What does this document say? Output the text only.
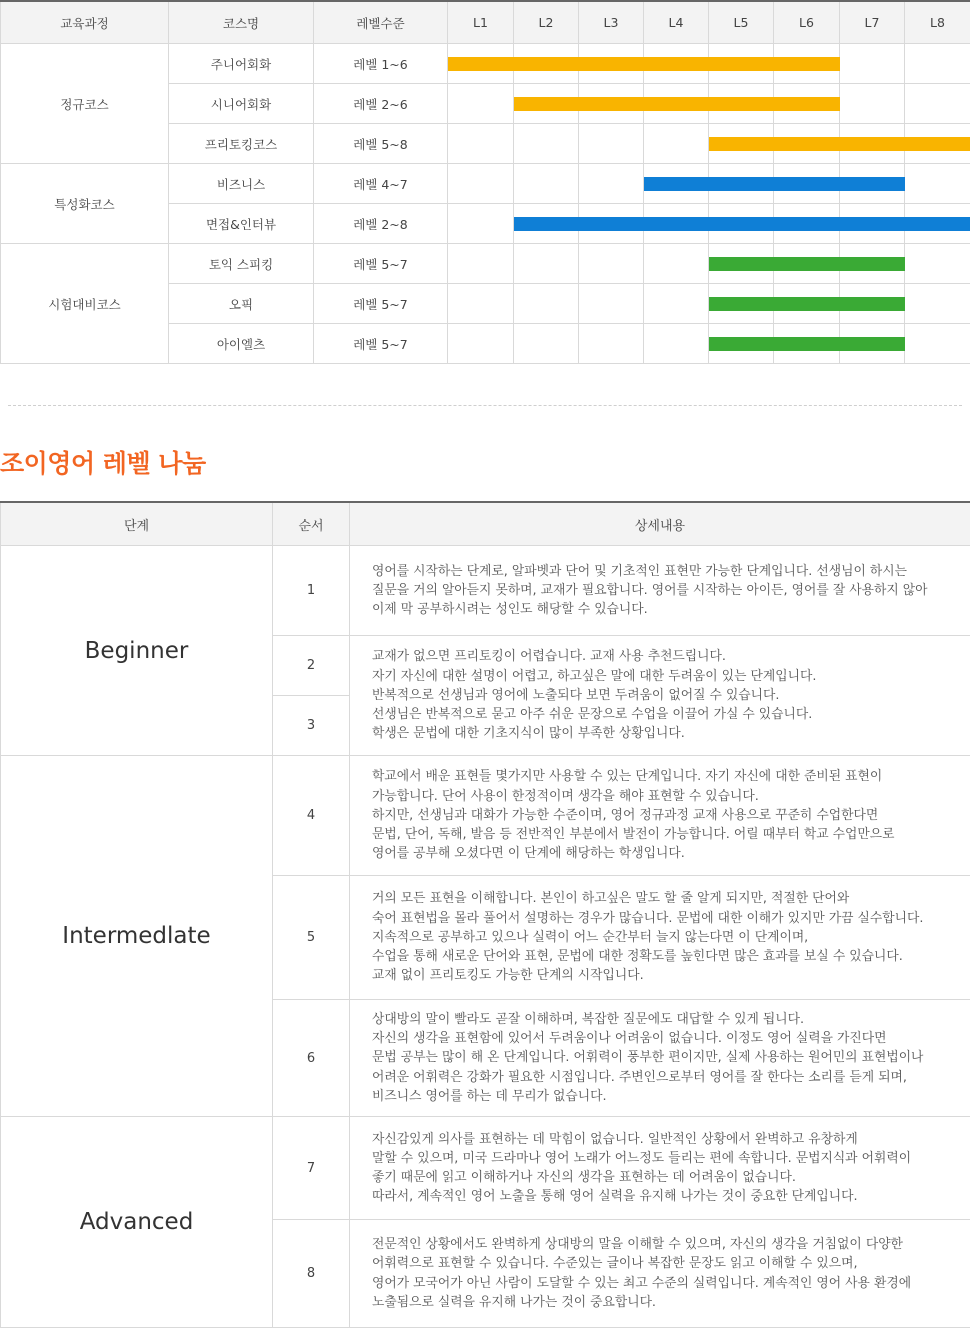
교육과정	코스명	레벨수준	L1	L2	L3	L4	L5	L6	L7	L8
정규코스	주니어회화	레벨 1~6								
	시니어회화	레벨 2~6								
	프리토킹코스	레벨 5~8								
특성화코스	비즈니스	레벨 4~7								
	면접&인터뷰	레벨 2~8								
시험대비코스	토익 스피킹	레벨 5~7								
	오픽	레벨 5~7								
	아이엘츠	레벨 5~7								
조이영어 레벨 나눔
단계	순서	상세내용
Beginner	1	영어를 시작하는 단계로, 알파벳과 단어 및 기초적인 표현만 가능한 단계입니다. 선생님이 하시는
질문을 거의 알아듣지 못하며, 교재가 필요합니다. 영어를 시작하는 아이든, 영어를 잘 사용하지 않아
이제 막 공부하시려는 성인도 해당할 수 있습니다.

	2	교재가 없으면 프리토킹이 어렵습니다. 교재 사용 추천드립니다.
자기 자신에 대한 설명이 어렵고, 하고싶은 말에 대한 두려움이 있는 단계입니다.
반복적으로 선생님과 영어에 노출되다 보면 두려움이 없어질 수 있습니다.
선생님은 반복적으로 묻고 아주 쉬운 문장으로 수업을 이끌어 가실 수 있습니다.
학생은 문법에 대한 기초지식이 많이 부족한 상황입니다.

	3	
Intermedlate	4	학교에서 배운 표현들 몇가지만 사용할 수 있는 단계입니다. 자기 자신에 대한 준비된 표현이
가능합니다. 단어 사용이 한정적이며 생각을 해야 표현할 수 있습니다.
하지만, 선생님과 대화가 가능한 수준이며, 영어 정규과정 교재 사용으로 꾸준히 수업한다면
문법, 단어, 독해, 발음 등 전반적인 부분에서 발전이 가능합니다. 어릴 때부터 학교 수업만으로
영어를 공부해 오셨다면 이 단계에 해당하는 학생입니다.

	5	거의 모든 표현을 이해합니다. 본인이 하고싶은 말도 할 줄 알게 되지만, 적절한 단어와
숙어 표현법을 몰라 풀어서 설명하는 경우가 많습니다. 문법에 대한 이해가 있지만 가끔 실수합니다.
지속적으로 공부하고 있으나 실력이 어느 순간부터 늘지 않는다면 이 단계이며,
수업을 통해 새로운 단어와 표현, 문법에 대한 정확도를 높힌다면 많은 효과를 보실 수 있습니다.
교재 없이 프리토킹도 가능한 단계의 시작입니다.

	6	상대방의 말이 빨라도 곧잘 이해하며, 복잡한 질문에도 대답할 수 있게 됩니다.
자신의 생각을 표현함에 있어서 두려움이나 어려움이 없습니다. 이정도 영어 실력을 가진다면
문법 공부는 많이 해 온 단계입니다. 어휘력이 풍부한 편이지만, 실제 사용하는 원어민의 표현법이나
어려운 어휘력은 강화가 필요한 시점입니다. 주변인으로부터 영어를 잘 한다는 소리를 듣게 되며,
비즈니스 영어를 하는 데 무리가 없습니다.

Advanced	7	자신감있게 의사를 표현하는 데 막힘이 없습니다. 일반적인 상황에서 완벽하고 유창하게
말할 수 있으며, 미국 드라마나 영어 노래가 어느정도 들리는 편에 속합니다. 문법지식과 어휘력이
좋기 때문에 읽고 이해하거나 자신의 생각을 표현하는 데 어려움이 없습니다.
따라서, 계속적인 영어 노출을 통해 영어 실력을 유지해 나가는 것이 중요한 단계입니다.

	8	전문적인 상황에서도 완벽하게 상대방의 말을 이해할 수 있으며, 자신의 생각을 거침없이 다양한
어휘력으로 표현할 수 있습니다. 수준있는 글이나 복잡한 문장도 읽고 이해할 수 있으며,
영어가 모국어가 아닌 사람이 도달할 수 있는 최고 수준의 실력입니다. 계속적인 영어 사용 환경에
노출됨으로 실력을 유지해 나가는 것이 중요합니다.
